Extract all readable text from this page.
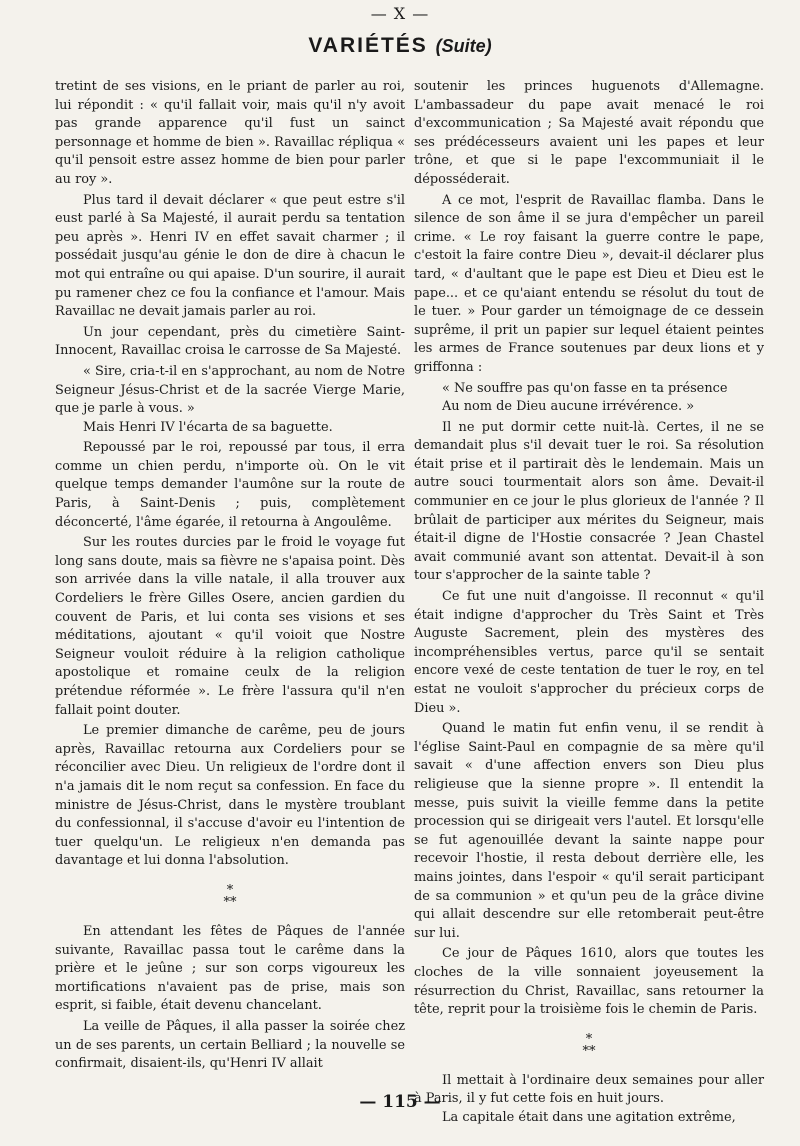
— X —
VARIÉTÉS (Suite)

tretint de ses visions, en le priant de parler au roi, lui répondit : « qu'il fallait voir, mais qu'il n'y avoit pas grande apparence qu'il fust un sainct personnage et homme de bien ». Ravaillac répliqua « qu'il pensoit estre assez homme de bien pour parler au roy ».

Plus tard il devait déclarer « que peut estre s'il eust parlé à Sa Majesté, il aurait perdu sa tentation peu après ». Henri IV en effet savait charmer ; il possédait jusqu'au génie le don de dire à chacun le mot qui entraîne ou qui apaise. D'un sourire, il aurait pu ramener chez ce fou la confiance et l'amour. Mais Ravaillac ne devait jamais parler au roi.

Un jour cependant, près du cimetière Saint-Innocent, Ravaillac croisa le carrosse de Sa Majesté.

« Sire, cria-t-il en s'approchant, au nom de Notre Seigneur Jésus-Christ et de la sacrée Vierge Marie, que je parle à vous. »

Mais Henri IV l'écarta de sa baguette.

Repoussé par le roi, repoussé par tous, il erra comme un chien perdu, n'importe où. On le vit quelque temps demander l'aumône sur la route de Paris, à Saint-Denis ; puis, complètement déconcerté, l'âme égarée, il retourna à Angoulême.

Sur les routes durcies par le froid le voyage fut long sans doute, mais sa fièvre ne s'apaisa point. Dès son arrivée dans la ville natale, il alla trouver aux Cordeliers le frère Gilles Osere, ancien gardien du couvent de Paris, et lui conta ses visions et ses méditations, ajoutant « qu'il voioit que Nostre Seigneur vouloit réduire à la religion catholique apostolique et romaine ceulx de la religion prétendue réformée ». Le frère l'assura qu'il n'en fallait point douter.

Le premier dimanche de carême, peu de jours après, Ravaillac retourna aux Cordeliers pour se réconcilier avec Dieu. Un religieux de l'ordre dont il n'a jamais dit le nom reçut sa confession. En face du ministre de Jésus-Christ, dans le mystère troublant du confessionnal, il s'accuse d'avoir eu l'intention de tuer quelqu'un. Le religieux n'en demanda pas davantage et lui donna l'absolution.

*
**

En attendant les fêtes de Pâques de l'année suivante, Ravaillac passa tout le carême dans la prière et le jeûne ; sur son corps vigoureux les mortifications n'avaient pas de prise, mais son esprit, si faible, était devenu chancelant.

La veille de Pâques, il alla passer la soirée chez un de ses parents, un certain Belliard ; la nouvelle se confirmait, disaient-ils, qu'Henri IV allait

soutenir les princes huguenots d'Allemagne. L'ambassadeur du pape avait menacé le roi d'excommunication ; Sa Majesté avait répondu que ses prédécesseurs avaient uni les papes et leur trône, et que si le pape l'excommuniait il le déposséderait.

A ce mot, l'esprit de Ravaillac flamba. Dans le silence de son âme il se jura d'empêcher un pareil crime. « Le roy faisant la guerre contre le pape, c'estoit la faire contre Dieu », devait-il déclarer plus tard, « d'aultant que le pape est Dieu et Dieu est le pape... et ce qu'aiant entendu se résolut du tout de le tuer. » Pour garder un témoignage de ce dessein suprême, il prit un papier sur lequel étaient peintes les armes de France soutenues par deux lions et y griffonna :

« Ne souffre pas qu'on fasse en ta présence

Au nom de Dieu aucune irrévérence. »

Il ne put dormir cette nuit-là. Certes, il ne se demandait plus s'il devait tuer le roi. Sa résolution était prise et il partirait dès le lendemain. Mais un autre souci tourmentait alors son âme. Devait-il communier en ce jour le plus glorieux de l'année ? Il brûlait de participer aux mérites du Seigneur, mais était-il digne de l'Hostie consacrée ? Jean Chastel avait communié avant son attentat. Devait-il à son tour s'approcher de la sainte table ?

Ce fut une nuit d'angoisse. Il reconnut « qu'il était indigne d'approcher du Très Saint et Très Auguste Sacrement, plein des mystères des incompréhensibles vertus, parce qu'il se sentait encore vexé de ceste tentation de tuer le roy, en tel estat ne vouloit s'approcher du précieux corps de Dieu ».

Quand le matin fut enfin venu, il se rendit à l'église Saint-Paul en compagnie de sa mère qu'il savait « d'une affection envers son Dieu plus religieuse que la sienne propre ». Il entendit la messe, puis suivit la vieille femme dans la petite procession qui se dirigeait vers l'autel. Et lorsqu'elle se fut agenouillée devant la sainte nappe pour recevoir l'hostie, il resta debout derrière elle, les mains jointes, dans l'espoir « qu'il serait participant de sa communion » et qu'un peu de la grâce divine qui allait descendre sur elle retomberait peut-être sur lui.

Ce jour de Pâques 1610, alors que toutes les cloches de la ville sonnaient joyeusement la résurrection du Christ, Ravaillac, sans retourner la tête, reprit pour la troisième fois le chemin de Paris.

*
**

Il mettait à l'ordinaire deux semaines pour aller à Paris, il y fut cette fois en huit jours.

La capitale était dans une agitation extrême,

— 115 —
